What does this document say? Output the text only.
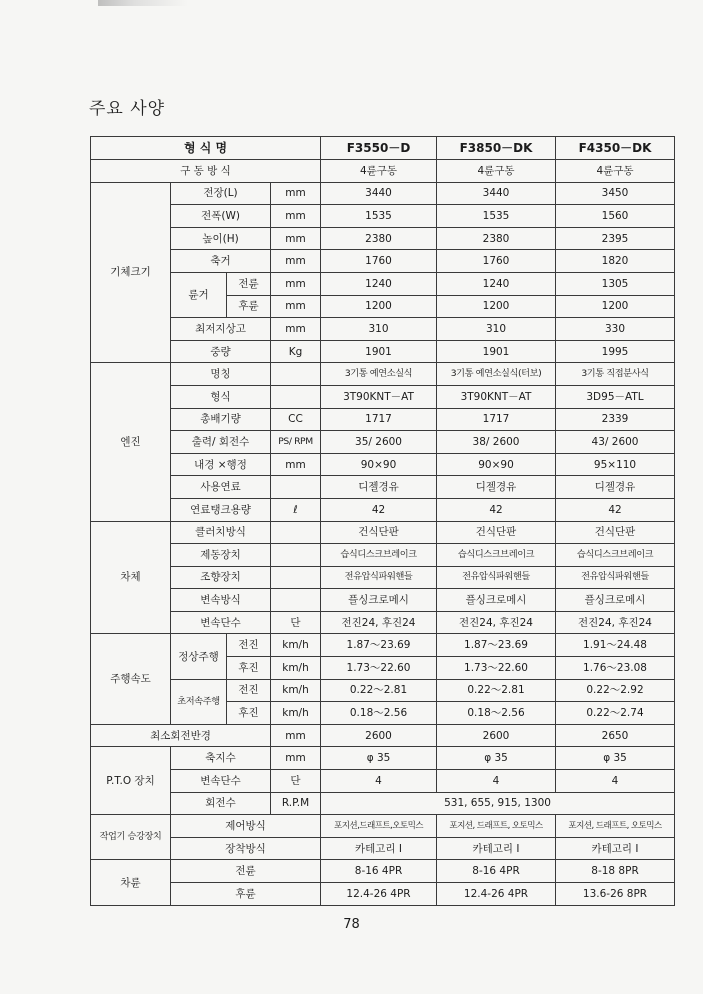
주요 사양
형 식 명				F3550－D	F3850－DK	F4350－DK
구 동 방 식				4륜구동	4륜구동	4륜구동
기체크기	전장(L)		mm	3440	3440	3450
	전폭(W)		mm	1535	1535	1560
	높이(H)		mm	2380	2380	2395
	축거		mm	1760	1760	1820
	륜거	전륜	mm	1240	1240	1305
		후륜	mm	1200	1200	1200
	최저지상고		mm	310	310	330
	중량		Kg	1901	1901	1995
엔진	명칭			3기통 예연소실식	3기통 예연소실식(터보)	3기통 직접분사식
	형식			3T90KNT－AT	3T90KNT－AT	3D95－ATL
	총배기량		CC	1717	1717	2339
	출력/ 회전수		PS/ RPM	35/ 2600	38/ 2600	43/ 2600
	내경 ×행정		mm	90×90	90×90	95×110
	사용연료			디젤경유	디젤경유	디젤경유
	연료탱크용량		ℓ	42	42	42
차체	클러치방식			건식단판	건식단판	건식단판
	제동장치			습식디스크브레이크	습식디스크브레이크	습식디스크브레이크
	조향장치			전유압식파워핸들	전유압식파워핸들	전유압식파워핸들
	변속방식			플싱크로메시	플싱크로메시	플싱크로메시
	변속단수		단	전진24, 후진24	전진24, 후진24	전진24, 후진24
주행속도	정상주행	전진	km/h	1.87～23.69	1.87～23.69	1.91～24.48
		후진	km/h	1.73～22.60	1.73～22.60	1.76～23.08
	초저속주행	전진	km/h	0.22～2.81	0.22～2.81	0.22～2.92
		후진	km/h	0.18～2.56	0.18～2.56	0.22～2.74
최소회전반경			mm	2600	2600	2650
P.T.O 장치	축지수		mm	φ 35	φ 35	φ 35
	변속단수		단	4	4	4
	회전수		R.P.M	531, 655, 915, 1300		
작업기 승강장치	제어방식			포지션,드래프트,오토믹스	포지션, 드래프트, 오토믹스	포지션, 드래프트, 오토믹스
	장착방식			카테고리 I	카테고리 I	카테고리 I
차륜	전륜			8-16 4PR	8-16 4PR	8-18 8PR
	후륜			12.4-26 4PR	12.4-26 4PR	13.6-26 8PR
78
